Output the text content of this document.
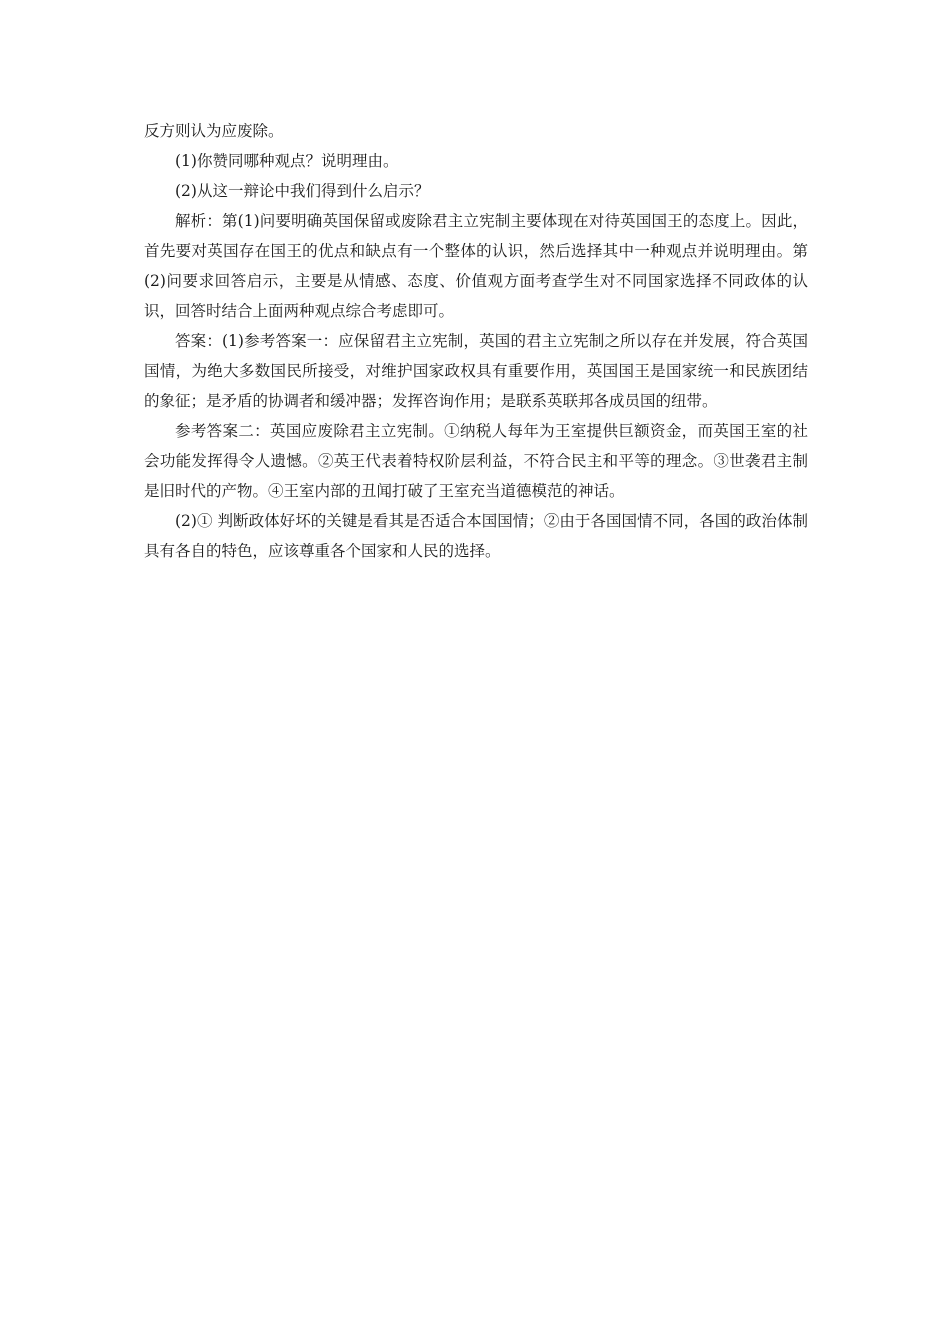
反方则认为应废除。

(1)你赞同哪种观点？说明理由。

(2)从这一辩论中我们得到什么启示？

解析：第(1)问要明确英国保留或废除君主立宪制主要体现在对待英国国王的态度上。因此，首先要对英国存在国王的优点和缺点有一个整体的认识，然后选择其中一种观点并说明理由。第(2)问要求回答启示，主要是从情感、态度、价值观方面考查学生对不同国家选择不同政体的认识，回答时结合上面两种观点综合考虑即可。

答案：(1)参考答案一：应保留君主立宪制，英国的君主立宪制之所以存在并发展，符合英国国情，为绝大多数国民所接受，对维护国家政权具有重要作用，英国国王是国家统一和民族团结的象征；是矛盾的协调者和缓冲器；发挥咨询作用；是联系英联邦各成员国的纽带。

参考答案二：英国应废除君主立宪制。①纳税人每年为王室提供巨额资金，而英国王室的社会功能发挥得令人遗憾。②英王代表着特权阶层利益，不符合民主和平等的理念。③世袭君主制是旧时代的产物。④王室内部的丑闻打破了王室充当道德模范的神话。

(2)① 判断政体好坏的关键是看其是否适合本国国情；②由于各国国情不同，各国的政治体制具有各自的特色，应该尊重各个国家和人民的选择。
